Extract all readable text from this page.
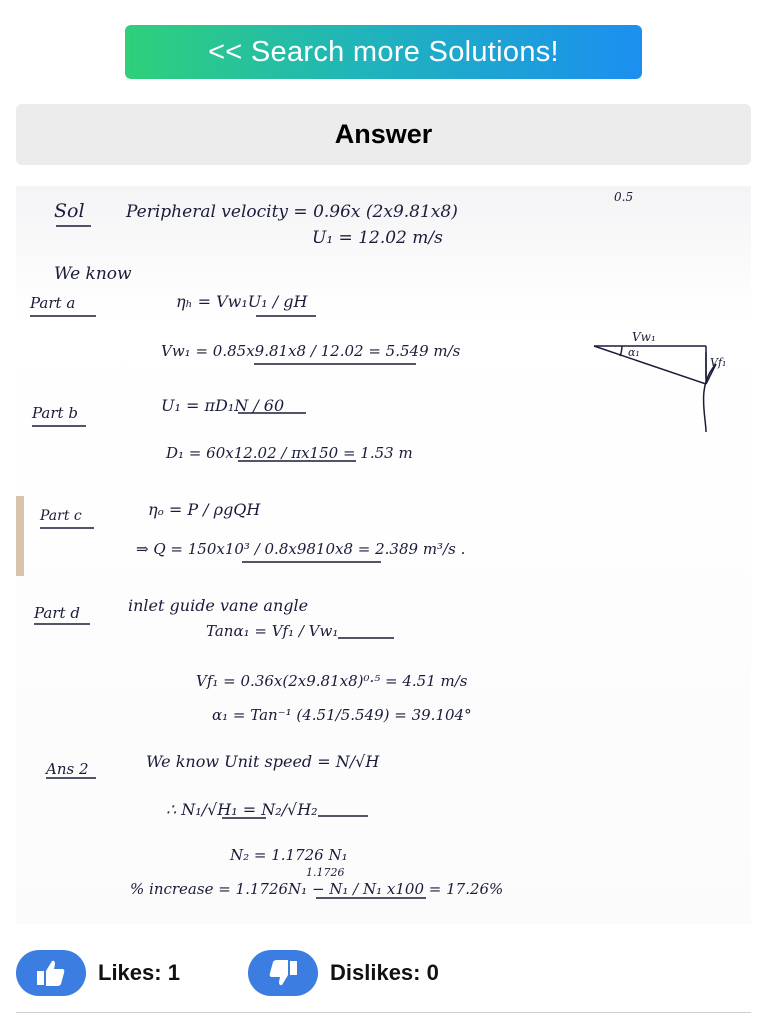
<< Search more Solutions!
Answer
Sol Peripheral velocity = 0.96x (2x9.81x8)
0.5
U₁ = 12.02 m/s
We know
Part a	ηₕ = Vw₁U₁ / gH
Vw₁ = 0.85x9.81x8 / 12.02 = 5.549 m/s
Vw₁
α₁
Vf₁
Part b	U₁ = πD₁N / 60
D₁ = 60x12.02 / πx150 = 1.53 m
Part c	ηₒ = P / ρgQH
⇒ Q = 150x10³ / 0.8x9810x8 = 2.389 m³/s .
Part d	inlet guide vane angle
Tanα₁ = Vf₁ / Vw₁
Vf₁ = 0.36x(2x9.81x8)⁰·⁵ = 4.51 m/s
α₁ = Tan⁻¹ (4.51/5.549) = 39.104°
Ans 2	We know Unit speed = N/√H
∴ N₁/√H₁ = N₂/√H₂
N₂ = 1.1726 N₁
1.1726
% increase = 1.1726N₁ − N₁ / N₁ x100 = 17.26%
Likes: 1	Dislikes: 0
